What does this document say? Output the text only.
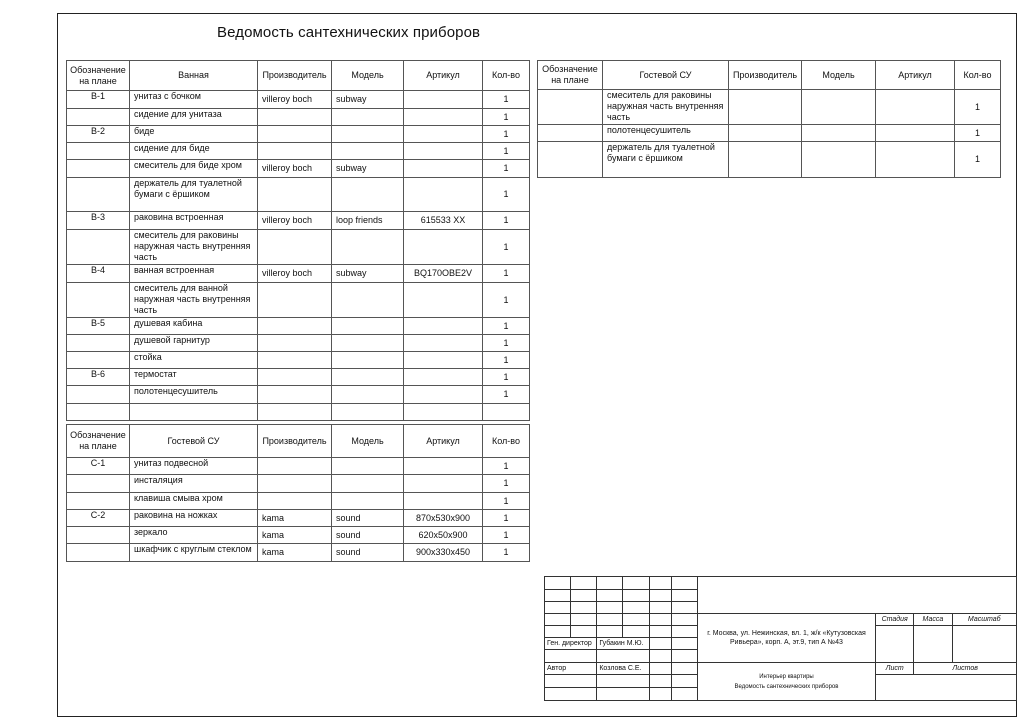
Ведомость сантехнических приборов
Обозначение на плане	Ванная	Производитель	Модель	Артикул	Кол-во
В-1	унитаз с бочком	villeroy boch	subway		1
	сидение для унитаза				1
В-2	биде				1
	сидение для биде				1
	смеситель для биде хром	villeroy boch	subway		1
	держатель для туалетной бумаги с ёршиком				1
В-3	раковина встроенная	villeroy boch	loop friends	615533 XX	1
	смеситель для раковины наружная часть внутренняя часть				1
В-4	ванная встроенная	villeroy boch	subway	BQ170OBE2V	1
	смеситель для ванной наружная часть внутренняя часть				1
В-5	душевая кабина				1
	душевой гарнитур				1
	стойка				1
В-6	термостат				1
	полотенцесушитель				1

Обозначение на плане	Гостевой СУ	Производитель	Модель	Артикул	Кол-во
С-1	унитаз подвесной				1
	инсталяция				1
	клавиша смыва хром				1
С-2	раковина на ножках	kama	sound	870x530x900	1
	зеркало	kama	sound	620x50x900	1
	шкафчик с круглым стеклом	kama	sound	900x330x450	1
Обозначение на плане	Гостевой СУ	Производитель	Модель	Артикул	Кол-во
	смеситель для раковины наружная часть внутренняя часть				1
	полотенцесушитель				1
	держатель для туалетной бумаги с ёршиком				1

						г. Москва, ул. Нежинская, вл. 1, ж/к «Кутузовская Ривьера», корп. А, эт.9, тип А №43	Стадия	Масса	Масштаб

Ген. директор		Губакин М.Ю.							

Автор		Козлова С.Е.				Интерьер квартиры
Ведомость сантехнических приборов	Лист	Листов	
